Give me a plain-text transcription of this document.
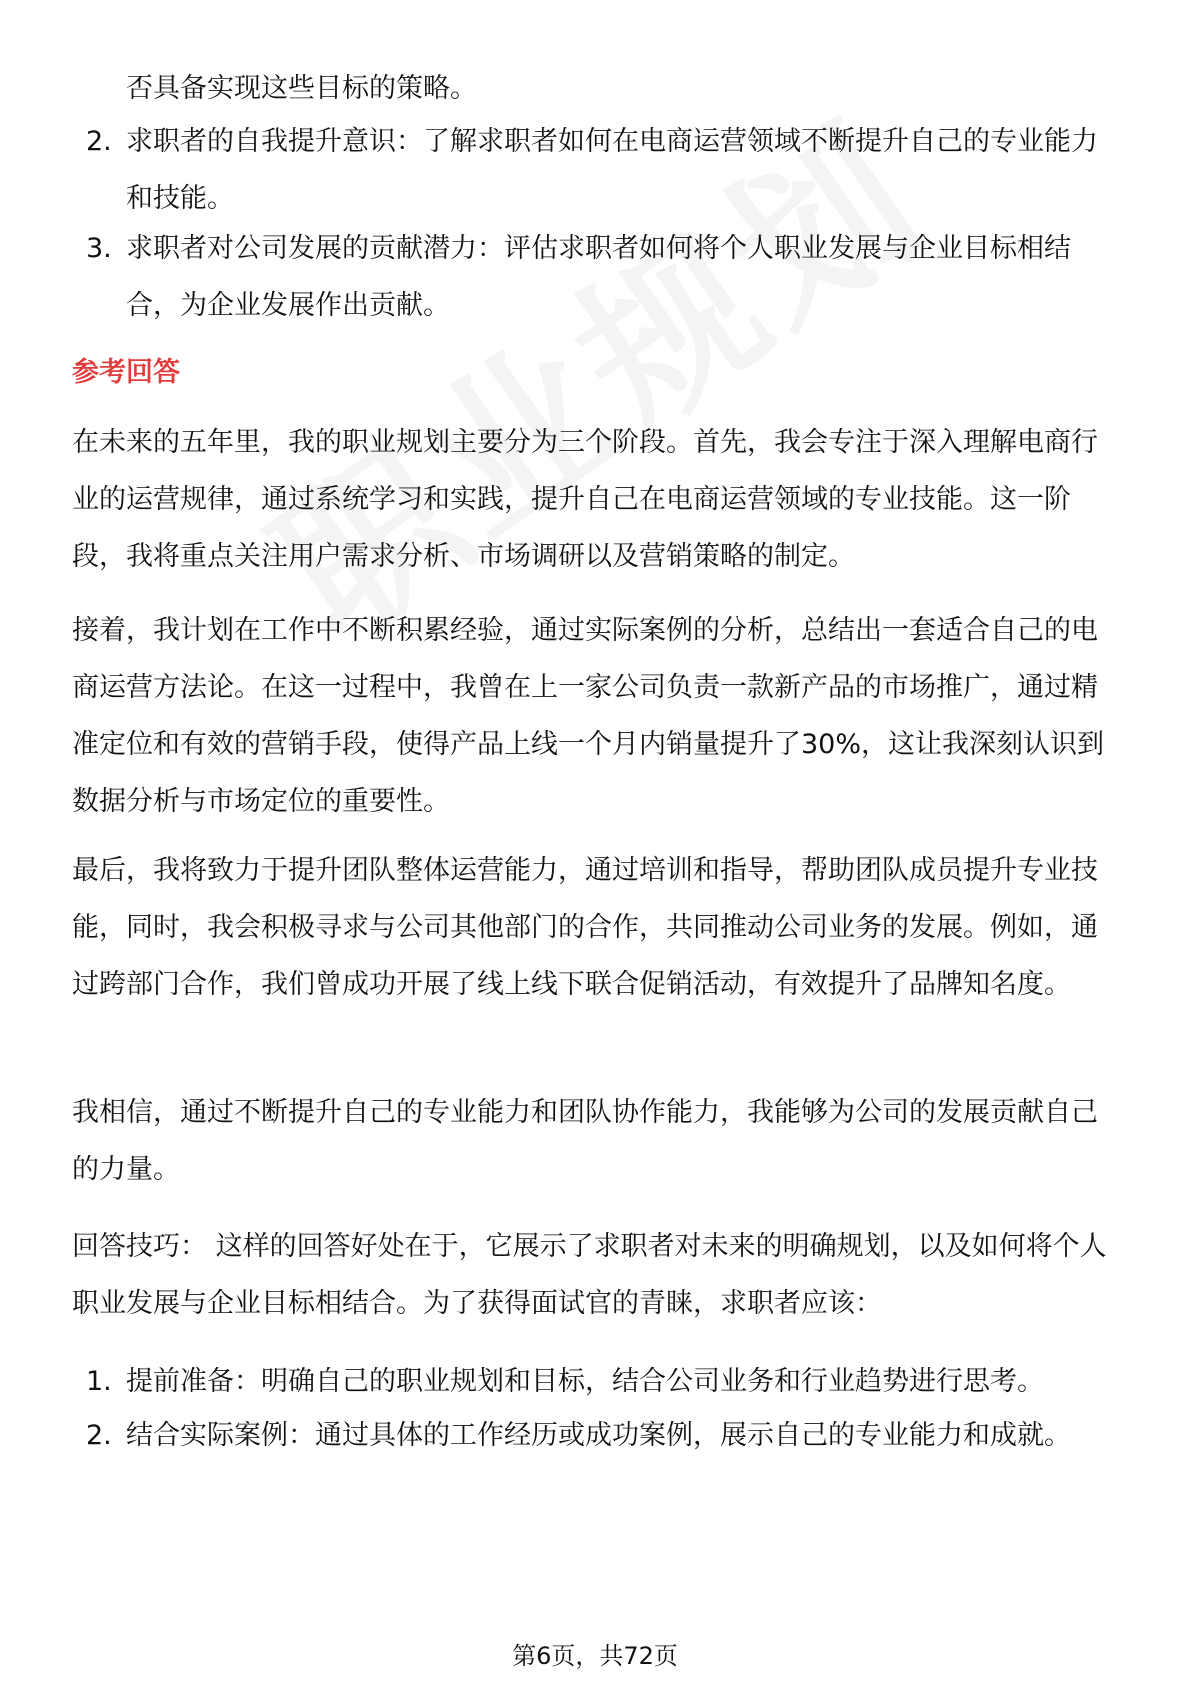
否具备实现这些目标的策略。
2. 求职者的自我提升意识：了解求职者如何在电商运营领域不断提升自己的专业能力和技能。
3. 求职者对公司发展的贡献潜力：评估求职者如何将个人职业发展与企业目标相结合，为企业发展作出贡献。
参考回答
在未来的五年里，我的职业规划主要分为三个阶段。首先，我会专注于深入理解电商行业的运营规律，通过系统学习和实践，提升自己在电商运营领域的专业技能。这一阶段，我将重点关注用户需求分析、市场调研以及营销策略的制定。
接着，我计划在工作中不断积累经验，通过实际案例的分析，总结出一套适合自己的电商运营方法论。在这一过程中，我曾在上一家公司负责一款新产品的市场推广，通过精准定位和有效的营销手段，使得产品上线一个月内销量提升了30%，这让我深刻认识到数据分析与市场定位的重要性。
最后，我将致力于提升团队整体运营能力，通过培训和指导，帮助团队成员提升专业技能，同时，我会积极寻求与公司其他部门的合作，共同推动公司业务的发展。例如，通过跨部门合作，我们曾成功开展了线上线下联合促销活动，有效提升了品牌知名度。
我相信，通过不断提升自己的专业能力和团队协作能力，我能够为公司的发展贡献自己的力量。
回答技巧： 这样的回答好处在于，它展示了求职者对未来的明确规划，以及如何将个人职业发展与企业目标相结合。为了获得面试官的青睐，求职者应该：
1. 提前准备：明确自己的职业规划和目标，结合公司业务和行业趋势进行思考。
2. 结合实际案例：通过具体的工作经历或成功案例，展示自己的专业能力和成就。
第6页，共72页
